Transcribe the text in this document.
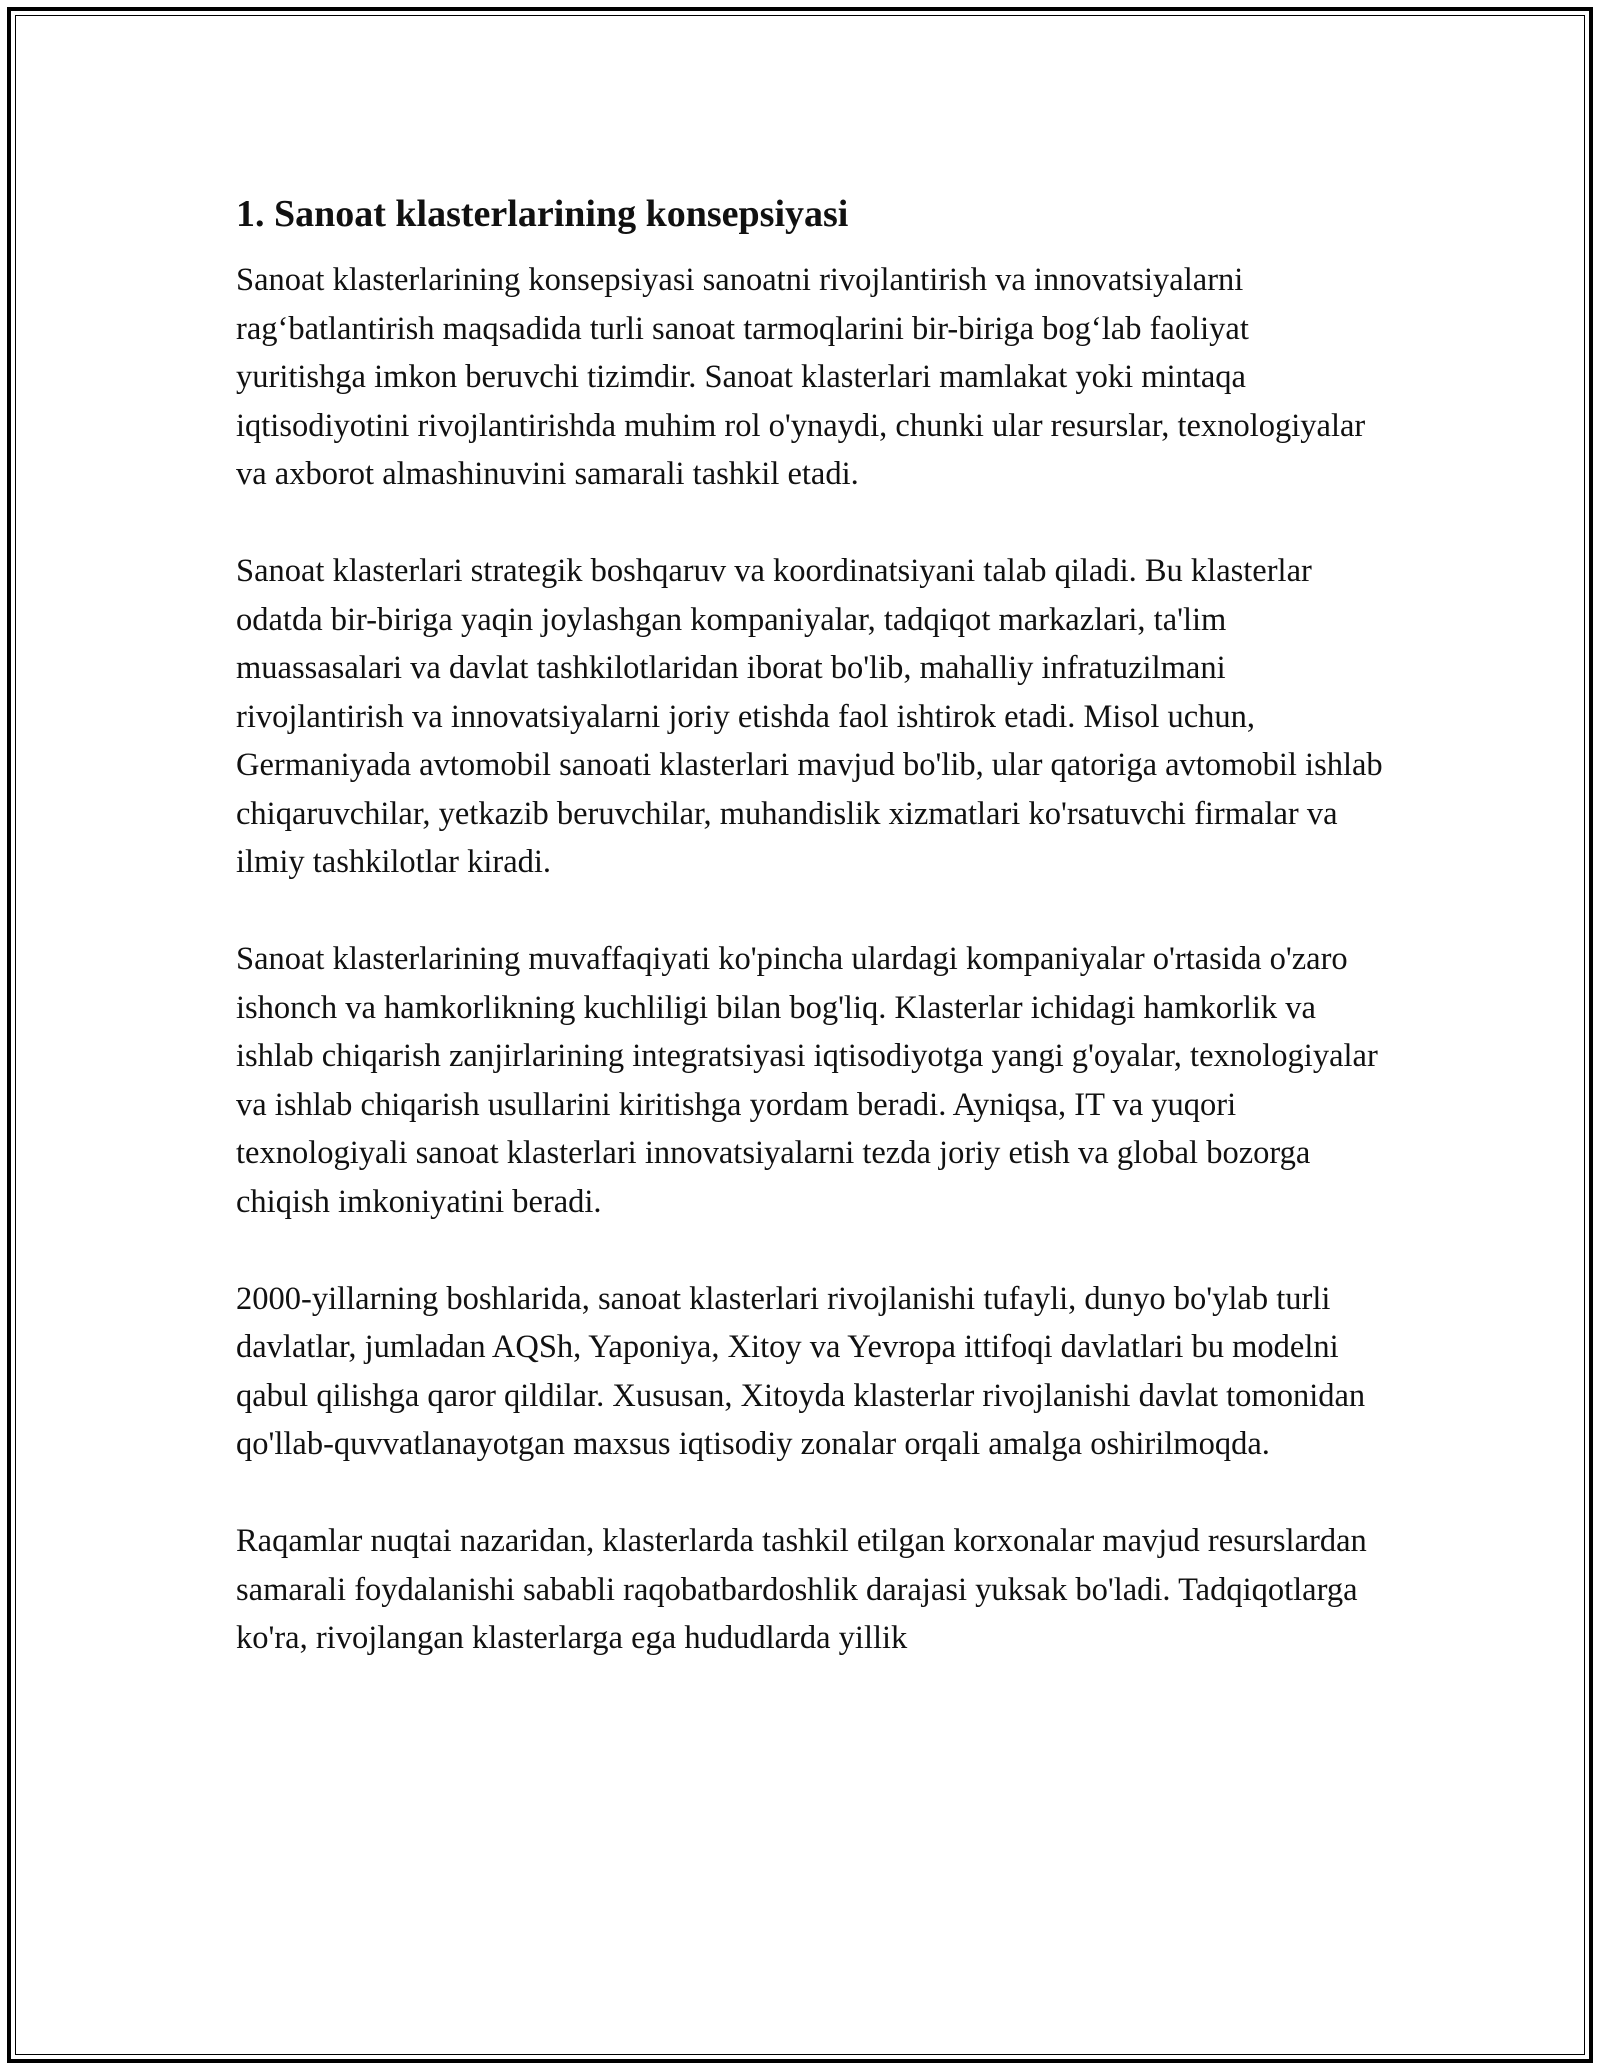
1. Sanoat klasterlarining konsepsiyasi

Sanoat klasterlarining konsepsiyasi sanoatni rivojlantirish va innovatsiyalarni rag‘batlantirish maqsadida turli sanoat tarmoqlarini bir-biriga bog‘lab faoliyat yuritishga imkon beruvchi tizimdir. Sanoat klasterlari mamlakat yoki mintaqa iqtisodiyotini rivojlantirishda muhim rol o'ynaydi, chunki ular resurslar, texnologiyalar va axborot almashinuvini samarali tashkil etadi.

Sanoat klasterlari strategik boshqaruv va koordinatsiyani talab qiladi. Bu klasterlar odatda bir-biriga yaqin joylashgan kompaniyalar, tadqiqot markazlari, ta'lim muassasalari va davlat tashkilotlaridan iborat bo'lib, mahalliy infratuzilmani rivojlantirish va innovatsiyalarni joriy etishda faol ishtirok etadi. Misol uchun, Germaniyada avtomobil sanoati klasterlari mavjud bo'lib, ular qatoriga avtomobil ishlab chiqaruvchilar, yetkazib beruvchilar, muhandislik xizmatlari ko'rsatuvchi firmalar va ilmiy tashkilotlar kiradi.

Sanoat klasterlarining muvaffaqiyati ko'pincha ulardagi kompaniyalar o'rtasida o'zaro ishonch va hamkorlikning kuchliligi bilan bog'liq. Klasterlar ichidagi hamkorlik va ishlab chiqarish zanjirlarining integratsiyasi iqtisodiyotga yangi g'oyalar, texnologiyalar va ishlab chiqarish usullarini kiritishga yordam beradi. Ayniqsa, IT va yuqori texnologiyali sanoat klasterlari innovatsiyalarni tezda joriy etish va global bozorga chiqish imkoniyatini beradi.

2000-yillarning boshlarida, sanoat klasterlari rivojlanishi tufayli, dunyo bo'ylab turli davlatlar, jumladan AQSh, Yaponiya, Xitoy va Yevropa ittifoqi davlatlari bu modelni qabul qilishga qaror qildilar. Xususan, Xitoyda klasterlar rivojlanishi davlat tomonidan qo'llab-quvvatlanayotgan maxsus iqtisodiy zonalar orqali amalga oshirilmoqda.

Raqamlar nuqtai nazaridan, klasterlarda tashkil etilgan korxonalar mavjud resurslardan samarali foydalanishi sababli raqobatbardoshlik darajasi yuksak bo'ladi. Tadqiqotlarga ko'ra, rivojlangan klasterlarga ega hududlarda yillik
